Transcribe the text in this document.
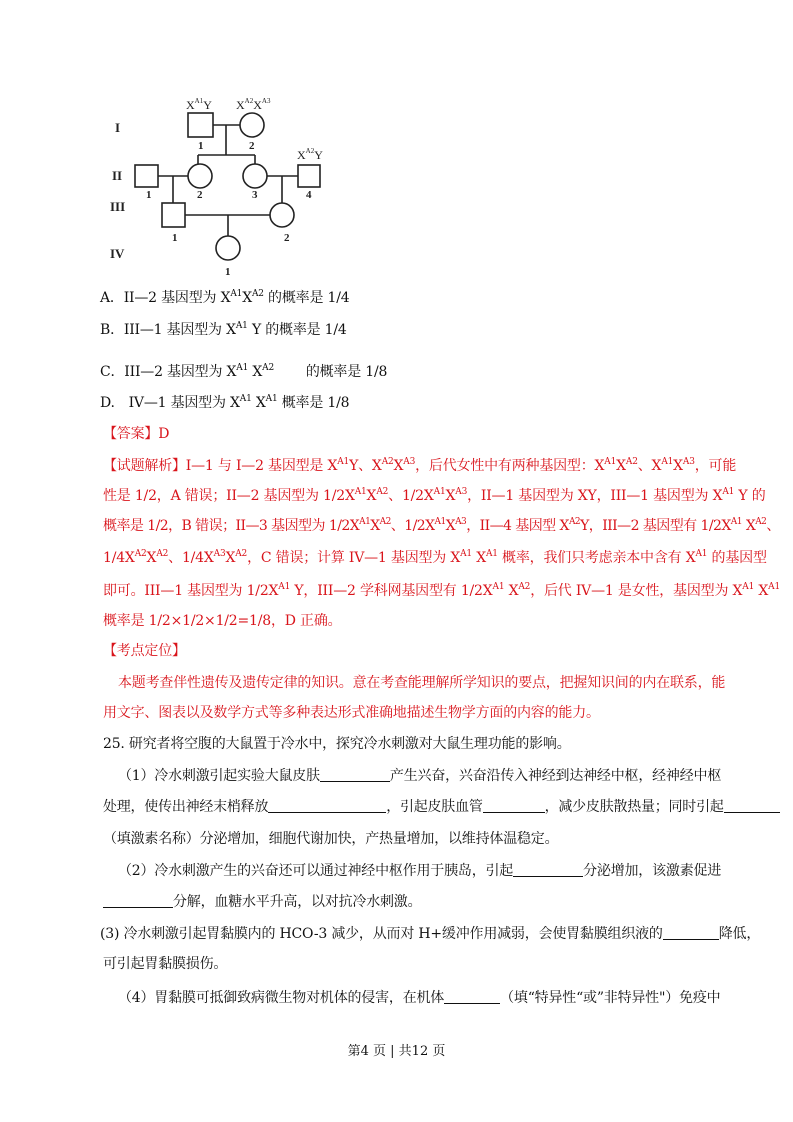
I
II
III
IV
$X^{A1}Y$ $X^{A2}X^{A3}$
$X^{A2}Y$
1	2
1	2	3	4
1	2
1
A．II—2 基因型为 $X^{A1}X^{A2}$ 的概率是 1/4
B．III—1 基因型为 $X^{A1}$ Y 的概率是 1/4
C．III—2 基因型为 $X^{A1}$ $X^{A2}$　　 的概率是 1/8
D.　IV—1 基因型为 $X^{A1}$ $X^{A1}$ 概率是 1/8
【答案】D
【试题解析】I—1 与 I—2 基因型是 $X^{A1}Y$、$X^{A2}X^{A3}$，后代女性中有两种基因型：$X^{A1}X^{A2}$、$X^{A1}X^{A3}$，可能
性是 1/2，A 错误；II—2 基因型为 $1/2X^{A1}X^{A2}$、$1/2X^{A1}X^{A3}$，II—1 基因型为 XY，III—1 基因型为 $X^{A1}$ Y 的
概率是 1/2，B 错误；II—3 基因型为 $1/2X^{A1}X^{A2}$、$1/2X^{A1}X^{A3}$，II—4 基因型 $X^{A2}Y$，III—2 基因型有 $1/2X^{A1}$ $X^{A2}$、
$1/4X^{A2}X^{A2}$、$1/4X^{A3}X^{A2}$，C 错误；计算 IV—1 基因型为 $X^{A1}$ $X^{A1}$ 概率，我们只考虑亲本中含有 $X^{A1}$ 的基因型
即可。III—1 基因型为 $1/2X^{A1}$ Y，III—2 学科网基因型有 $1/2X^{A1}$ $X^{A2}$，后代 IV—1 是女性，基因型为 $X^{A1}$ $X^{A1}$
概率是 1/2×1/2×1/2=1/8，D 正确。
【考点定位】
本题考查伴性遗传及遗传定律的知识。意在考查能理解所学知识的要点，把握知识间的内在联系，能
用文字、图表以及数学方式等多种表达形式准确地描述生物学方面的内容的能力。
25. 研究者将空腹的大鼠置于冷水中，探究冷水刺激对大鼠生理功能的影响。
（1）冷水刺激引起实验大鼠皮肤	产生兴奋，兴奋沿传入神经到达神经中枢，经神经中枢
处理，使传出神经末梢释放	，引起皮肤血管	，减少皮肤散热量；同时引起
（填激素名称）分泌增加，细胞代谢加快，产热量增加，以维持体温稳定。
（2）冷水刺激产生的兴奋还可以通过神经中枢作用于胰岛，引起	分泌增加，该激素促进
分解，血糖水平升高，以对抗冷水刺激。
(3) 冷水刺激引起胃黏膜内的 HCO-3 减少，从而对 H+缓冲作用减弱，会使胃黏膜组织液的	降低，
可引起胃黏膜损伤。
（4）胃黏膜可抵御致病微生物对机体的侵害，在机体	（填“特异性“或”非特异性"）免疫中
第4 页 | 共12 页
